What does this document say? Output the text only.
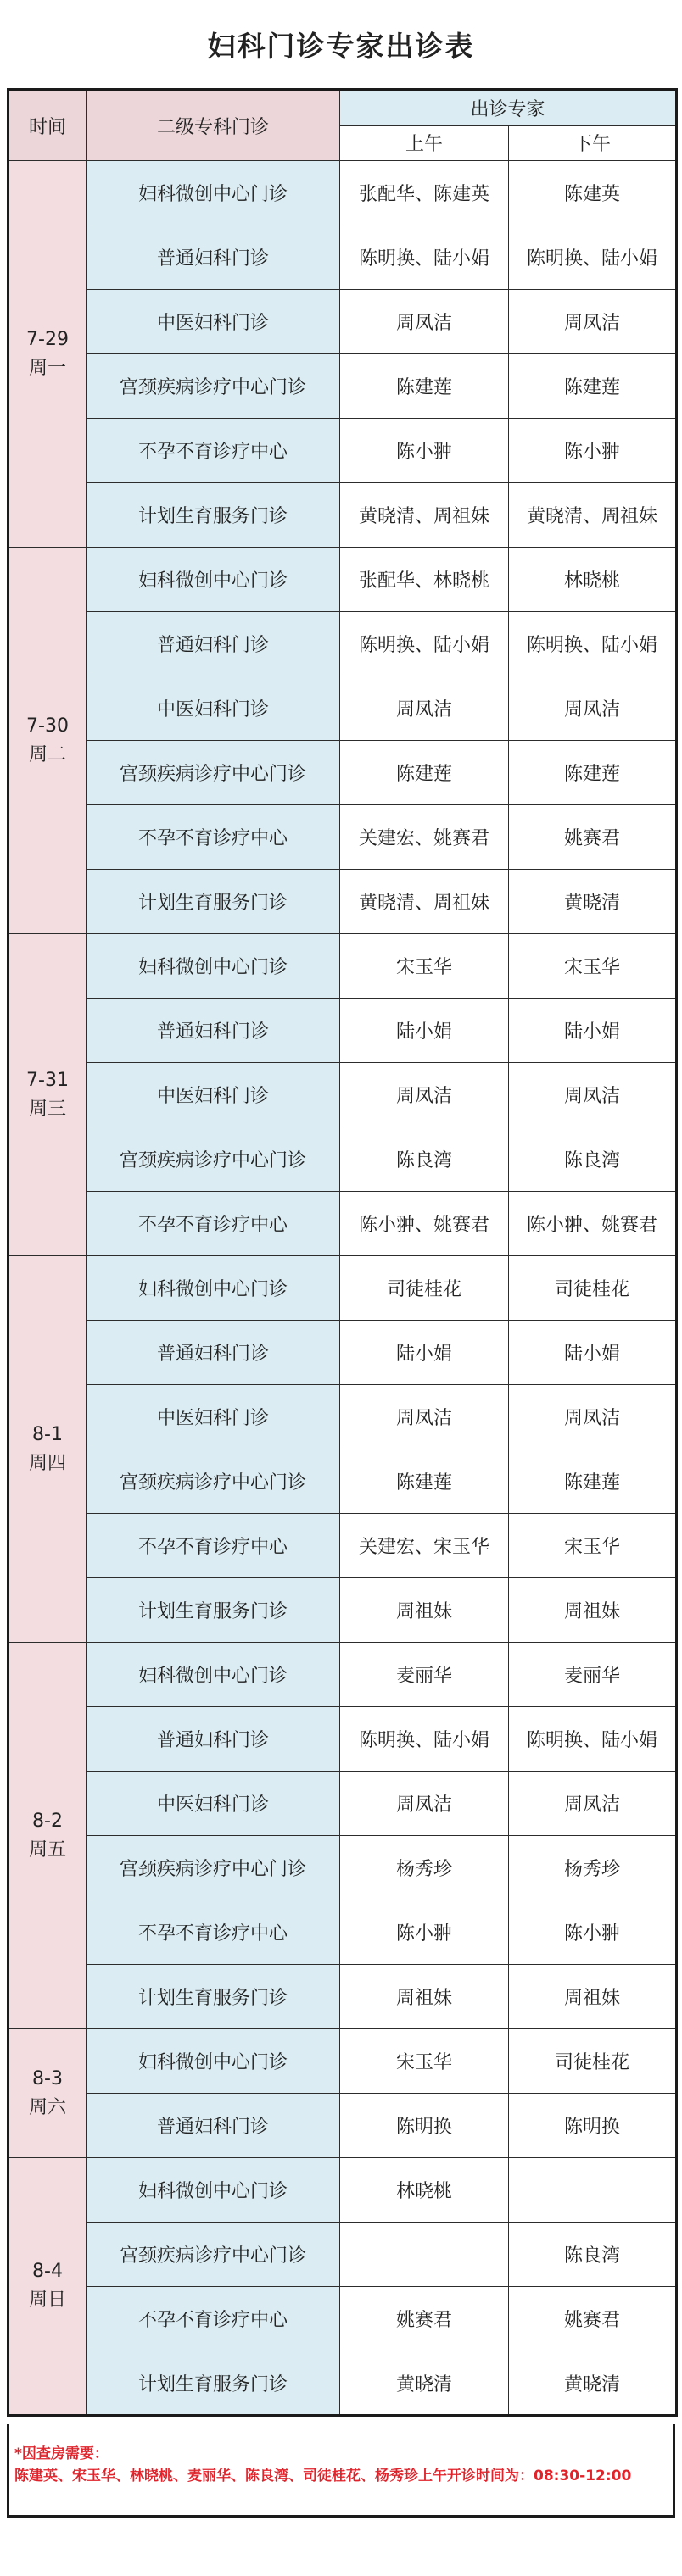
妇科门诊专家出诊表
时间	二级专科门诊	出诊专家	
		上午	下午

7-29
周一	妇科微创中心门诊	张配华、陈建英	陈建英
	普通妇科门诊	陈明换、陆小娟	陈明换、陆小娟
	中医妇科门诊	周凤洁	周凤洁
	宫颈疾病诊疗中心门诊	陈建莲	陈建莲
	不孕不育诊疗中心	陈小翀	陈小翀
	计划生育服务门诊	黄晓清、周祖妹	黄晓清、周祖妹

7-30
周二	妇科微创中心门诊	张配华、林晓桃	林晓桃
	普通妇科门诊	陈明换、陆小娟	陈明换、陆小娟
	中医妇科门诊	周凤洁	周凤洁
	宫颈疾病诊疗中心门诊	陈建莲	陈建莲
	不孕不育诊疗中心	关建宏、姚赛君	姚赛君
	计划生育服务门诊	黄晓清、周祖妹	黄晓清

7-31
周三	妇科微创中心门诊	宋玉华	宋玉华
	普通妇科门诊	陆小娟	陆小娟
	中医妇科门诊	周凤洁	周凤洁
	宫颈疾病诊疗中心门诊	陈良湾	陈良湾
	不孕不育诊疗中心	陈小翀、姚赛君	陈小翀、姚赛君

8-1
周四	妇科微创中心门诊	司徒桂花	司徒桂花
	普通妇科门诊	陆小娟	陆小娟
	中医妇科门诊	周凤洁	周凤洁
	宫颈疾病诊疗中心门诊	陈建莲	陈建莲
	不孕不育诊疗中心	关建宏、宋玉华	宋玉华
	计划生育服务门诊	周祖妹	周祖妹

8-2
周五	妇科微创中心门诊	麦丽华	麦丽华
	普通妇科门诊	陈明换、陆小娟	陈明换、陆小娟
	中医妇科门诊	周凤洁	周凤洁
	宫颈疾病诊疗中心门诊	杨秀珍	杨秀珍
	不孕不育诊疗中心	陈小翀	陈小翀
	计划生育服务门诊	周祖妹	周祖妹

8-3
周六	妇科微创中心门诊	宋玉华	司徒桂花
	普通妇科门诊	陈明换	陈明换

8-4
周日	妇科微创中心门诊	林晓桃	
	宫颈疾病诊疗中心门诊		陈良湾
	不孕不育诊疗中心	姚赛君	姚赛君
	计划生育服务门诊	黄晓清	黄晓清
*因查房需要：
陈建英、宋玉华、林晓桃、麦丽华、陈良湾、司徒桂花、杨秀珍上午开诊时间为：08:30-12:00
